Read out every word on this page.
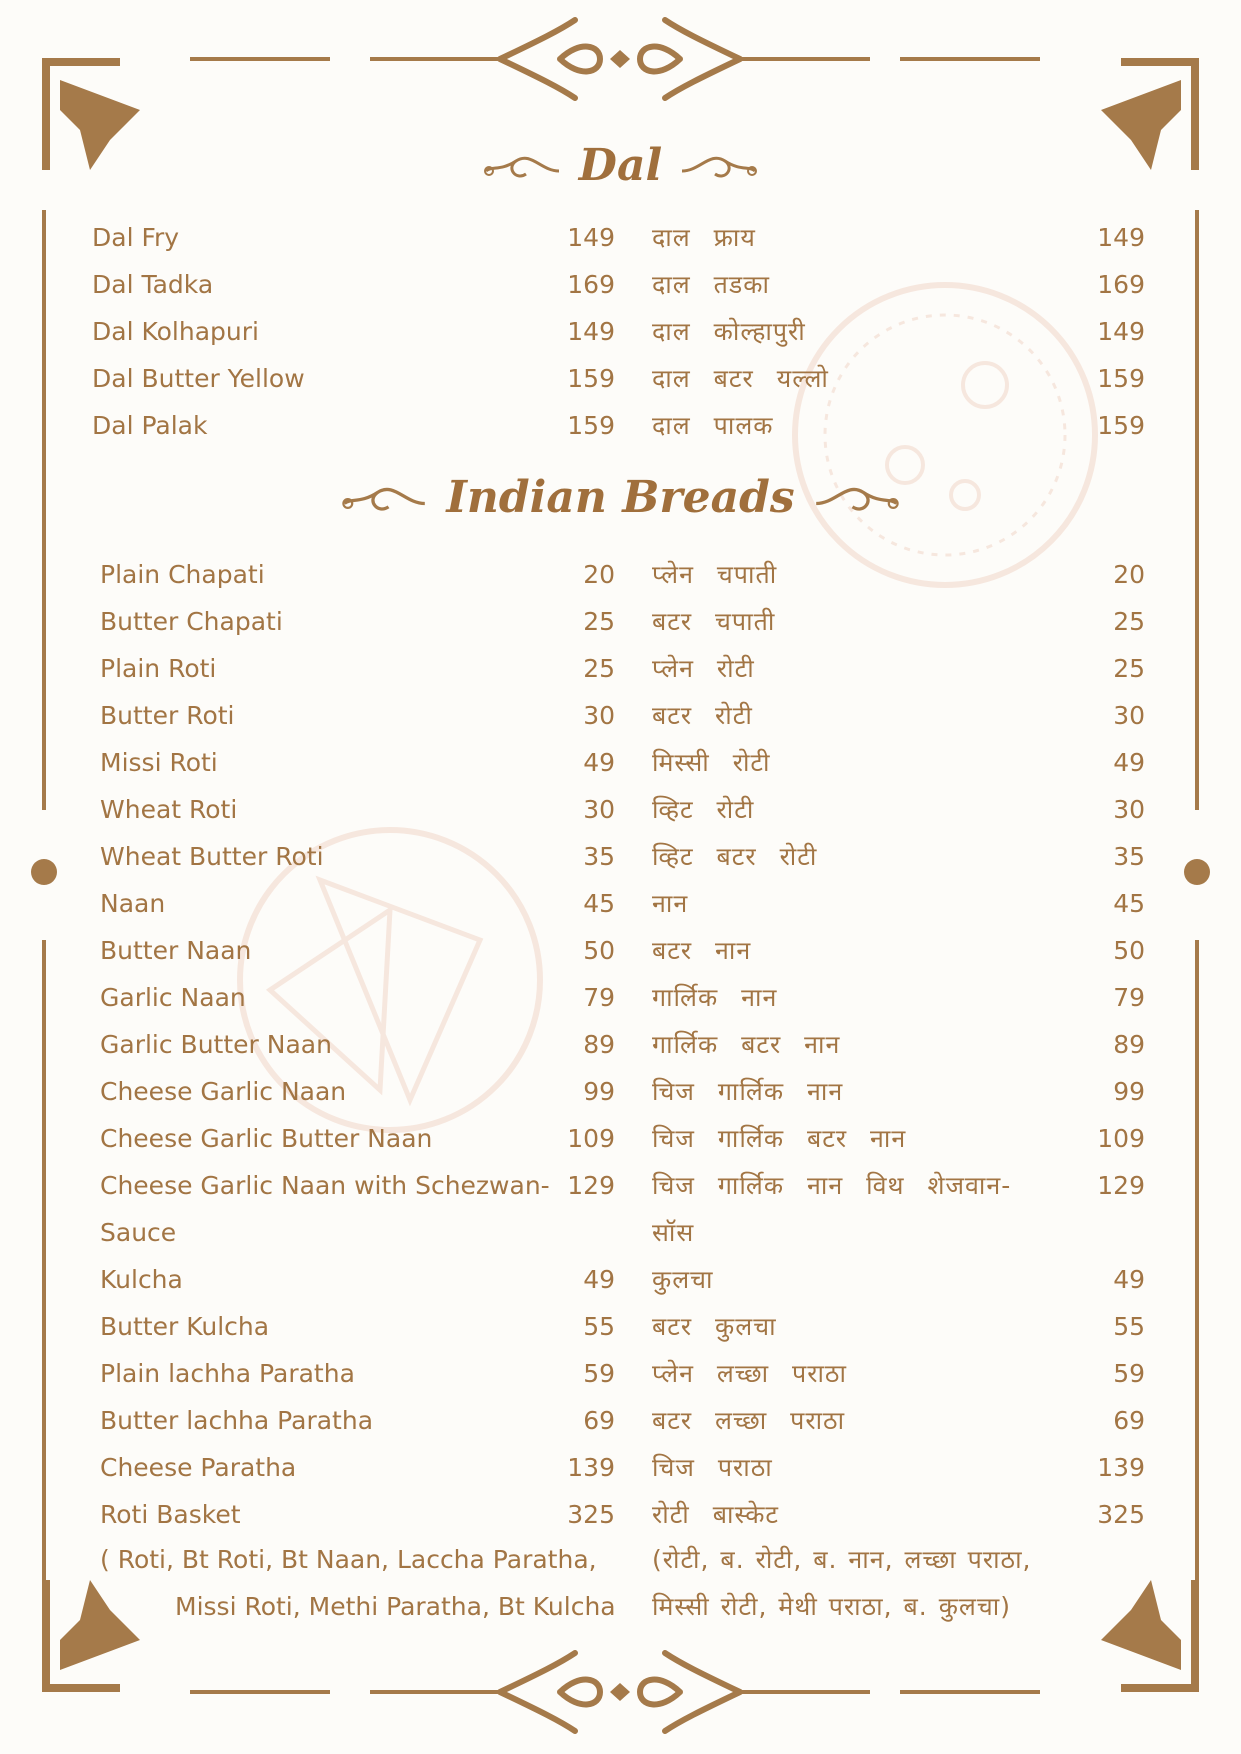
Dal
Dal Fry	149 दाल फ्राय	149
Dal Tadka	169 दाल तडका	169
Dal Kolhapuri	149 दाल कोल्हापुरी	149
Dal Butter Yellow	159 दाल बटर यल्लो	159
Dal Palak	159 दाल पालक	159
Indian Breads
Plain Chapati	20 प्लेन चपाती	20
Butter Chapati	25 बटर चपाती	25
Plain Roti	25 प्लेन रोटी	25
Butter Roti	30 बटर रोटी	30
Missi Roti	49 मिस्सी रोटी	49
Wheat Roti	30 व्हिट रोटी	30
Wheat Butter Roti	35 व्हिट बटर रोटी	35
Naan	45 नान	45
Butter Naan	50 बटर नान	50
Garlic Naan	79 गार्लिक नान	79
Garlic Butter Naan	89 गार्लिक बटर नान	89
Cheese Garlic Naan	99 चिज गार्लिक नान	99
Cheese Garlic Butter Naan	109 चिज गार्लिक बटर नान	109
Cheese Garlic Naan with Schezwan- 129 चिज गार्लिक नान विथ शेजवान-	129
Sauce	सॉस
Kulcha	49 कुलचा	49
Butter Kulcha	55 बटर कुलचा	55
Plain lachha Paratha	59 प्लेन लच्छा पराठा	59
Butter lachha Paratha	69 बटर लच्छा पराठा	69
Cheese Paratha	139 चिज पराठा	139
Roti Basket	325 रोटी बास्केट	325
( Roti, Bt Roti, Bt Naan, Laccha Paratha, (रोटी, ब. रोटी, ब. नान, लच्छा पराठा,
Missi Roti, Methi Paratha, Bt Kulcha मिस्सी रोटी, मेथी पराठा, ब. कुलचा)
